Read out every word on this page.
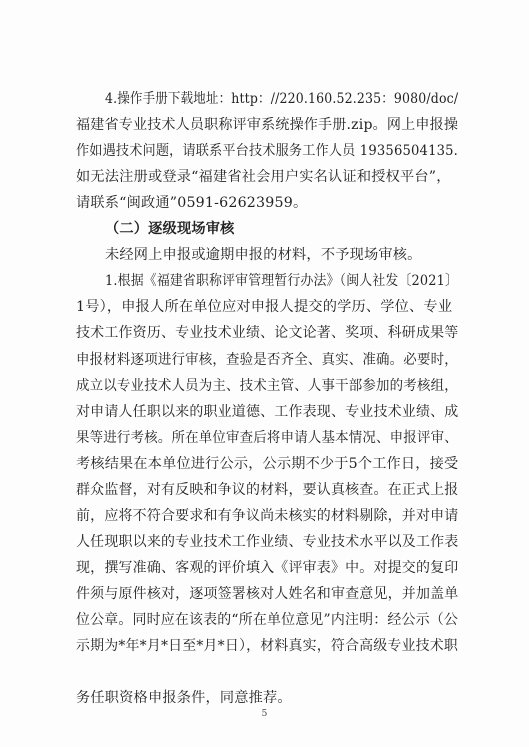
4.操作手册下载地址：http：//220.160.52.235：9080/doc/
福建省专业技术人员职称评审系统操作手册.zip。网上申报操
作如遇技术问题，请联系平台技术服务工作人员 19356504135.
如无法注册或登录“福建省社会用户实名认证和授权平台”，
请联系“闽政通”0591-62623959。
（二）逐级现场审核
未经网上申报或逾期申报的材料，不予现场审核。
1.根据《福建省职称评审管理暂行办法》（闽人社发〔2021〕
1号），申报人所在单位应对申报人提交的学历、学位、专业
技术工作资历、专业技术业绩、论文论著、奖项、科研成果等
申报材料逐项进行审核，查验是否齐全、真实、准确。必要时，
成立以专业技术人员为主、技术主管、人事干部参加的考核组，
对申请人任职以来的职业道德、工作表现、专业技术业绩、成
果等进行考核。所在单位审查后将申请人基本情况、申报评审、
考核结果在本单位进行公示，公示期不少于5个工作日，接受
群众监督，对有反映和争议的材料，要认真核查。在正式上报
前，应将不符合要求和有争议尚未核实的材料剔除，并对申请
人任现职以来的专业技术工作业绩、专业技术水平以及工作表
现，撰写准确、客观的评价填入《评审表》中。对提交的复印
件须与原件核对，逐项签署核对人姓名和审查意见，并加盖单
位公章。同时应在该表的“所在单位意见”内注明：经公示（公
5
示期为*年*月*日至*月*日），材料真实，符合高级专业技术职
务任职资格申报条件，同意推荐。
